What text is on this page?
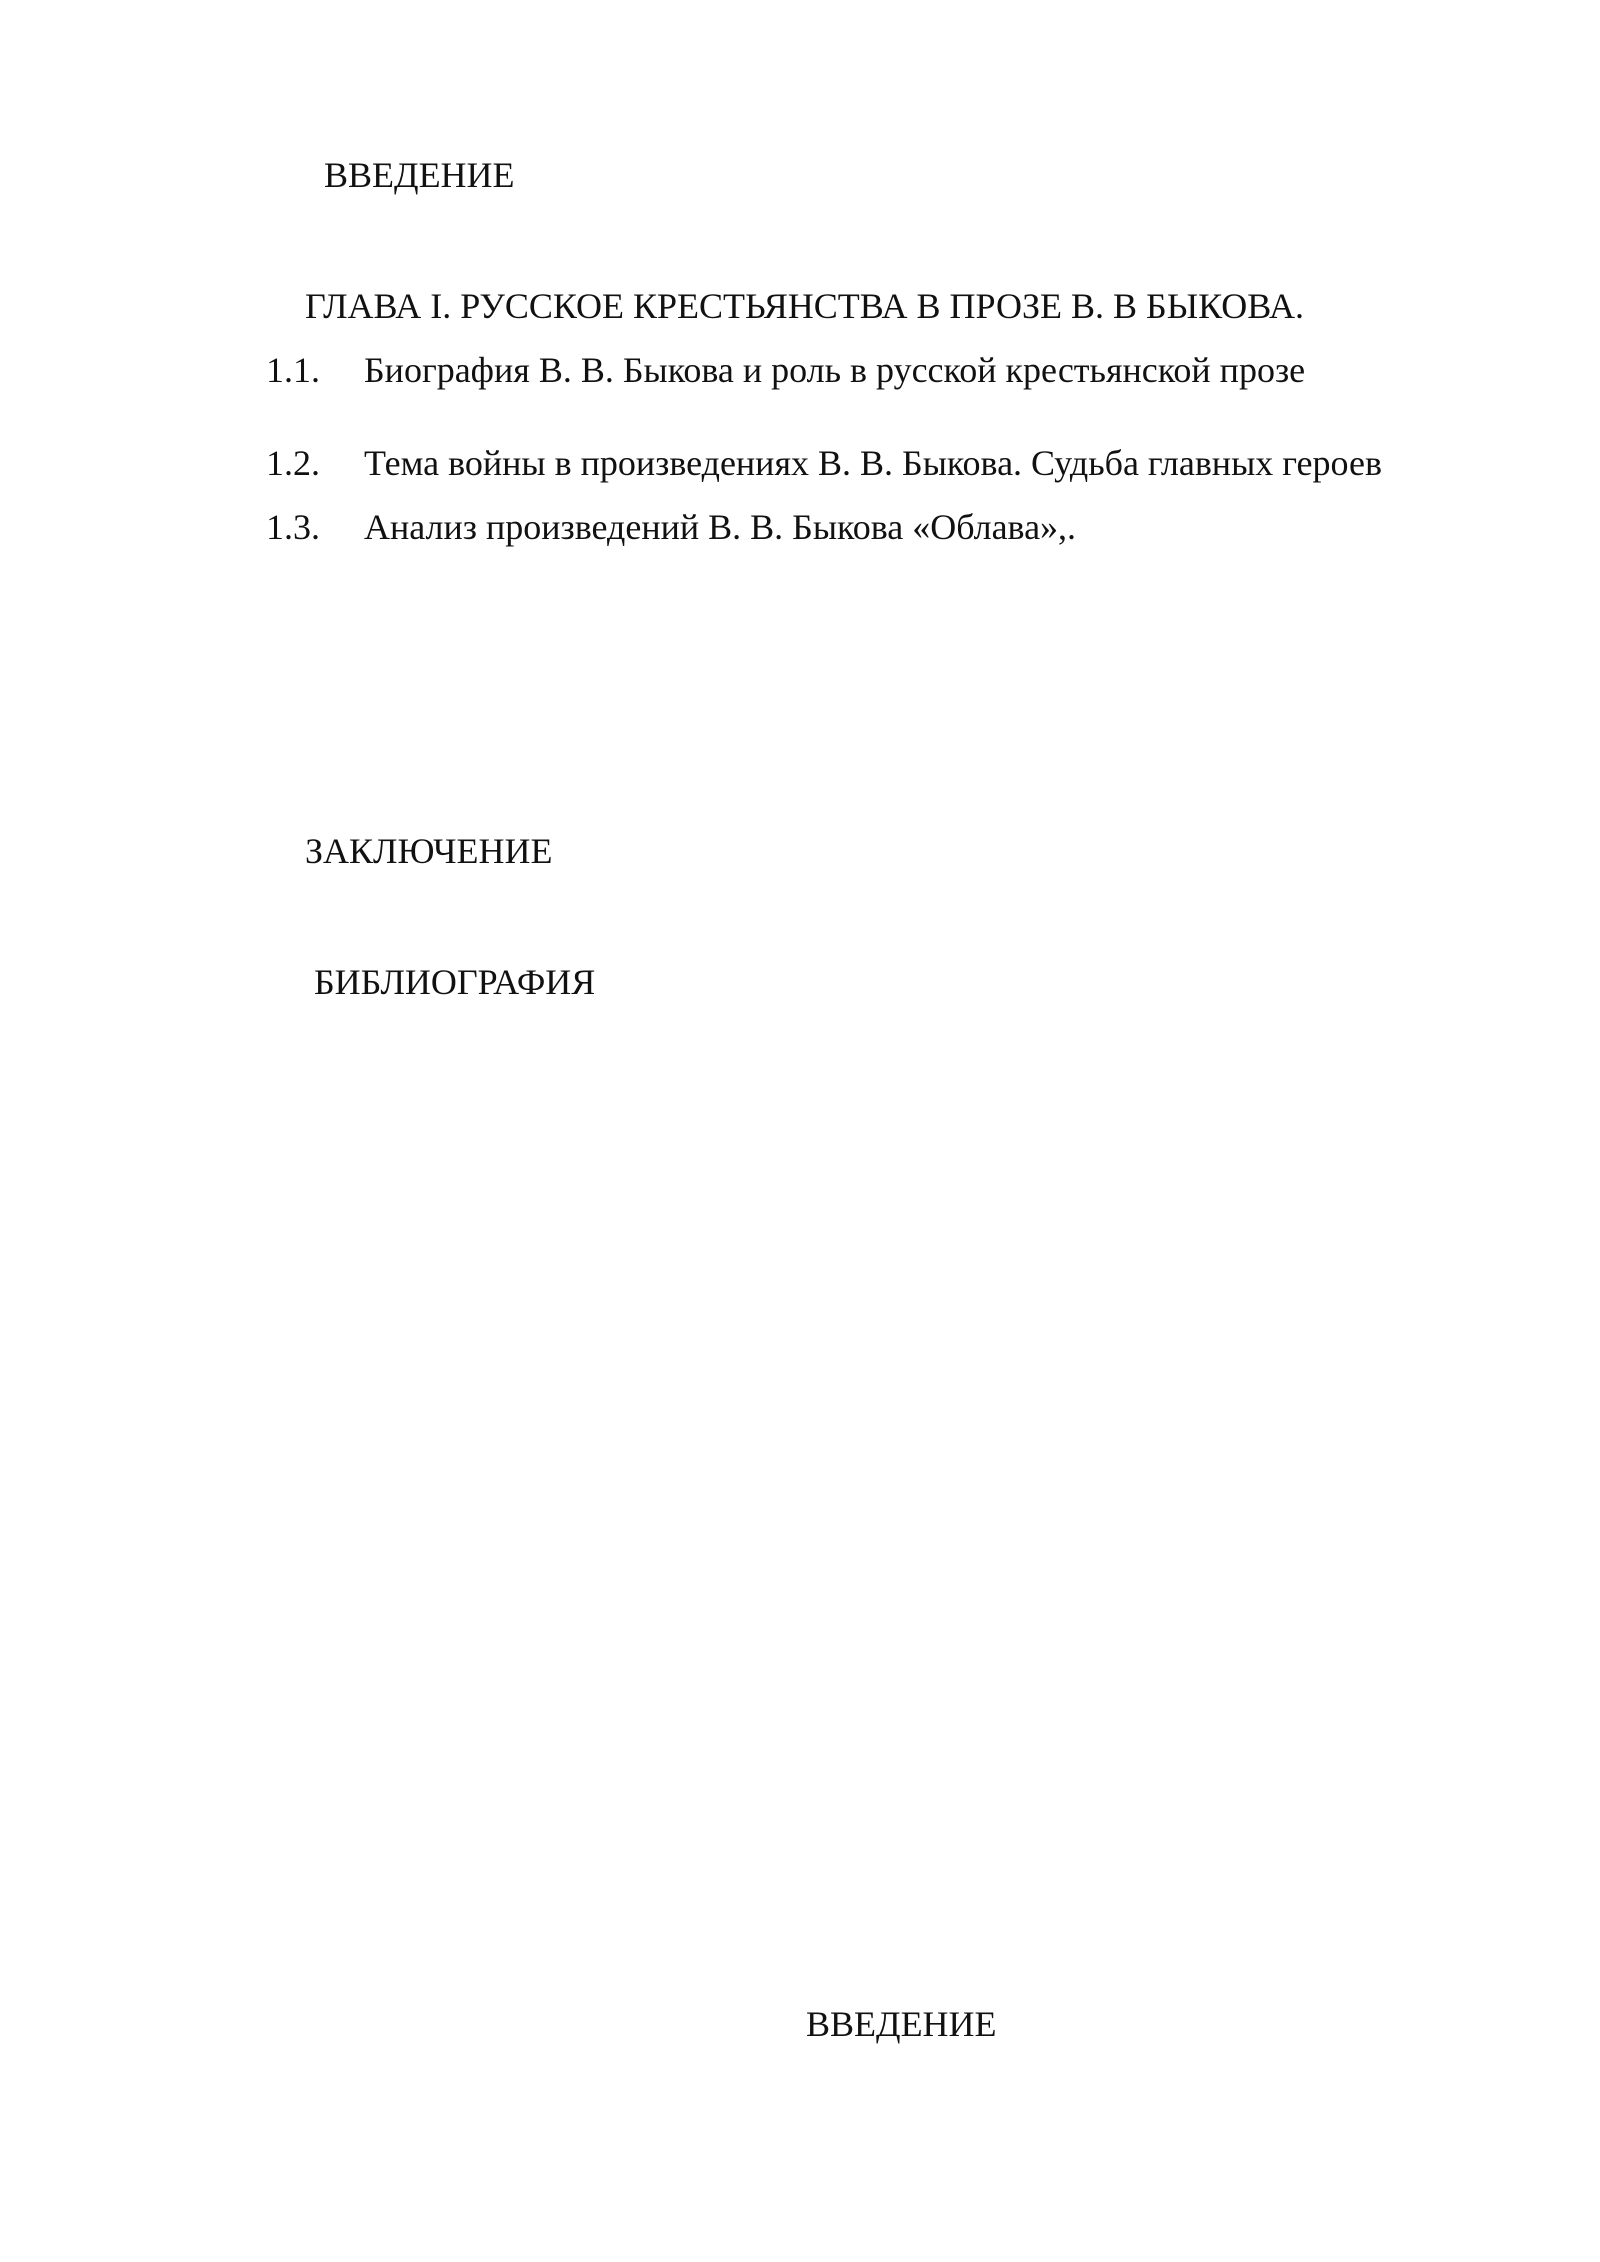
ВВЕДЕНИЕ
ГЛАВА I. РУССКОЕ КРЕСТЬЯНСТВА В ПРОЗЕ В. В БЫКОВА.
1.1. Биография В. В. Быкова и роль в русской крестьянской прозе
1.2. Тема войны в произведениях В. В. Быкова. Судьба главных героев
1.3. Анализ произведений В. В. Быкова «Облава»,.
ЗАКЛЮЧЕНИЕ
БИБЛИОГРАФИЯ
ВВЕДЕНИЕ
